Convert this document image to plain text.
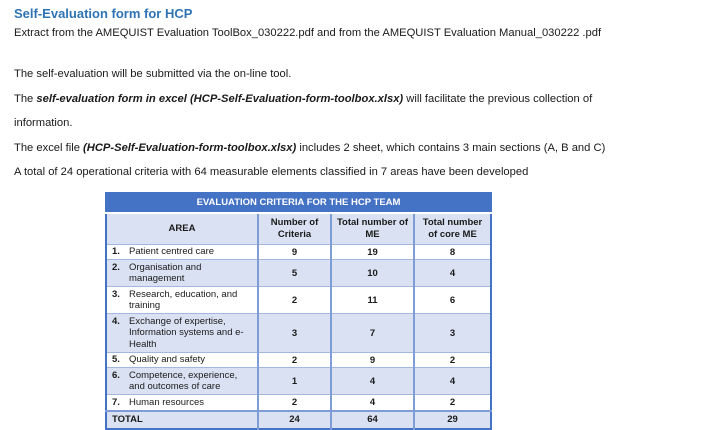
Self-Evaluation form for HCP

Extract from the AMEQUIST Evaluation ToolBox_030222.pdf and from the AMEQUIST Evaluation Manual_030222 .pdf

The self-evaluation will be submitted via the on-line tool.

The self-evaluation form in excel (HCP-Self-Evaluation-form-toolbox.xlsx) will facilitate the previous collection of

information.

The excel file (HCP-Self-Evaluation-form-toolbox.xlsx) includes 2 sheet, which contains 3 main sections (A, B and C)

A total of 24 operational criteria with 64 measurable elements classified in 7 areas have been developed

EVALUATION CRITERIA FOR THE HCP TEAM			
AREA	Number of Criteria	Total number of ME	Total number of core ME

1. Patient centred care	9	19	8

2. Organisation and management	5	10	4

3. Research, education, and training	2	11	6

4. Exchange of expertise, Information systems and e-Health	3	7	3

5. Quality and safety	2	9	2

6. Competence, experience, and outcomes of care	1	4	4

7. Human resources	2	4	2
TOTAL	24	64	29
